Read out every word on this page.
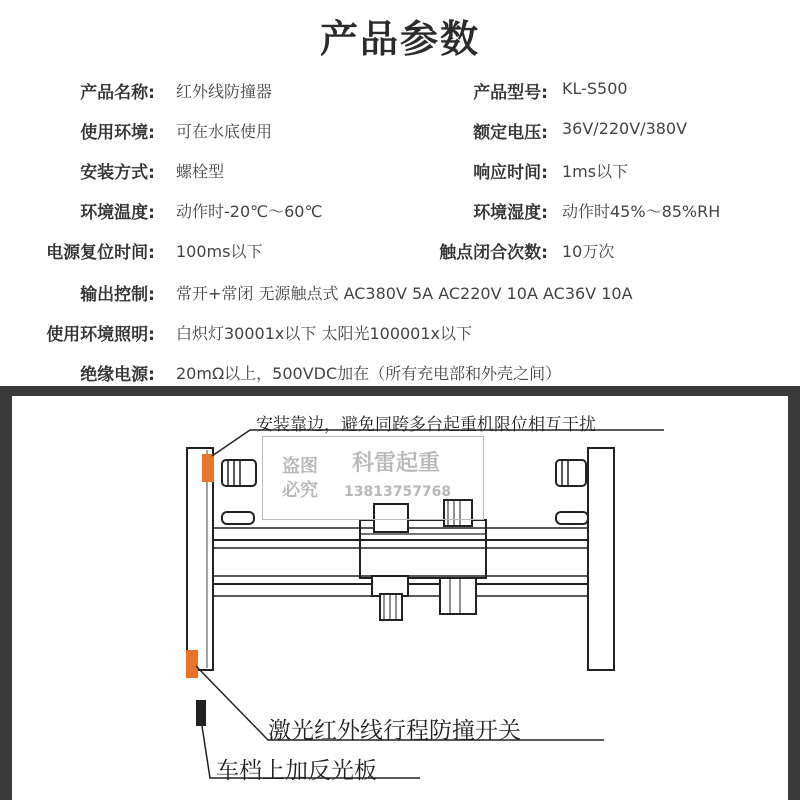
产品参数
产品名称: 红外线防撞器	产品型号: KL-S500
使用环境: 可在水底使用	额定电压: 36V/220V/380V
安装方式: 螺栓型	响应时间: 1ms以下
环境温度: 动作时-20℃～60℃	环境湿度: 动作时45%～85%RH
电源复位时间: 100ms以下	触点闭合次数: 10万次
输出控制: 常开+常闭 无源触点式 AC380V 5A AC220V 10A AC36V 10A
使用环境照明: 白炽灯30001x以下 太阳光100001x以下
绝缘电源: 20mΩ以上，500VDC加在（所有充电部和外壳之间）
盗图
必究
科雷起重
13813757768
安装靠边，避免同跨多台起重机限位相互干扰
激光红外线行程防撞开关
车档上加反光板
